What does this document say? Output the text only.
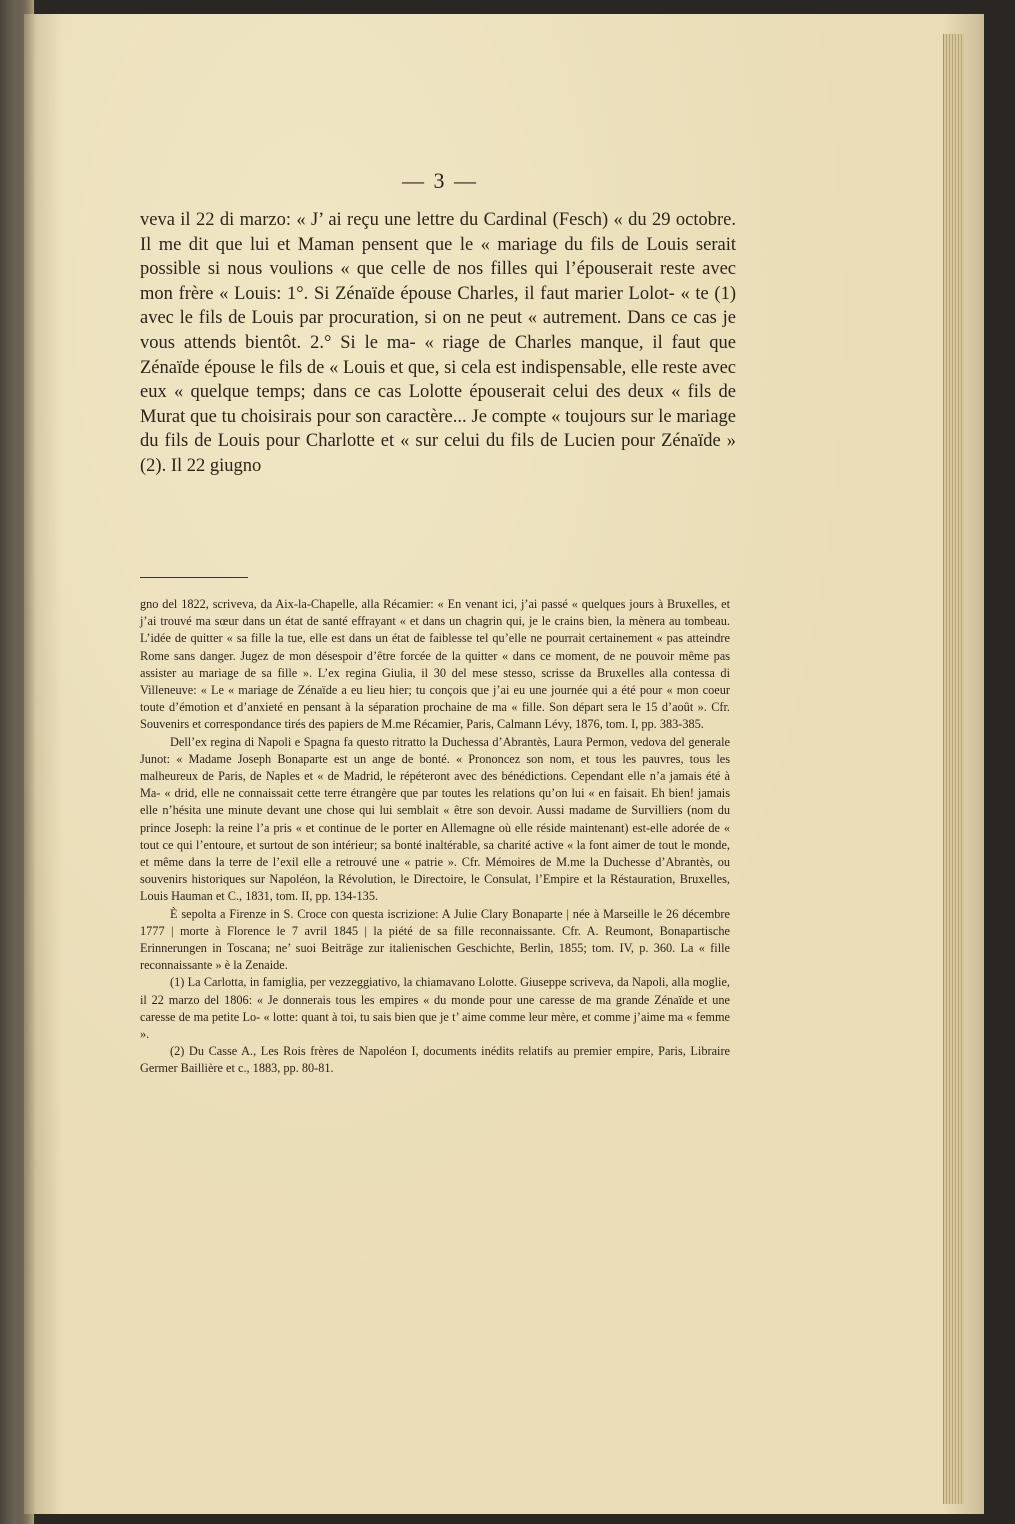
— 3 —

veva il 22 di marzo: « J’ ai reçu une lettre du Cardinal (Fesch) « du 29 octobre. Il me dit que lui et Maman pensent que le « mariage du fils de Louis serait possible si nous voulions « que celle de nos filles qui l’épouserait reste avec mon frère « Louis: 1°. Si Zénaïde épouse Charles, il faut marier Lolot- « te (1) avec le fils de Louis par procuration, si on ne peut « autrement. Dans ce cas je vous attends bientôt. 2.° Si le ma- « riage de Charles manque, il faut que Zénaïde épouse le fils de « Louis et que, si cela est indispensable, elle reste avec eux « quelque temps; dans ce cas Lolotte épouserait celui des deux « fils de Murat que tu choisirais pour son caractère... Je compte « toujours sur le mariage du fils de Louis pour Charlotte et « sur celui du fils de Lucien pour Zénaïde » (2). Il 22 giugno

gno del 1822, scriveva, da Aix-la-Chapelle, alla Récamier: « En venant ici, j’ai passé « quelques jours à Bruxelles, et j’ai trouvé ma sœur dans un état de santé effrayant « et dans un chagrin qui, je le crains bien, la mènera au tombeau. L’idée de quitter « sa fille la tue, elle est dans un état de faiblesse tel qu’elle ne pourrait certainement « pas atteindre Rome sans danger. Jugez de mon désespoir d’être forcée de la quitter « dans ce moment, de ne pouvoir même pas assister au mariage de sa fille ». L’ex regina Giulia, il 30 del mese stesso, scrisse da Bruxelles alla contessa di Villeneuve: « Le « mariage de Zénaïde a eu lieu hier; tu conçois que j’ai eu une journée qui a été pour « mon coeur toute d’émotion et d’anxieté en pensant à la séparation prochaine de ma « fille. Son départ sera le 15 d’août ». Cfr. Souvenirs et correspondance tirés des papiers de M.me Récamier, Paris, Calmann Lévy, 1876, tom. I, pp. 383-385.

Dell’ex regina di Napoli e Spagna fa questo ritratto la Duchessa d’Abrantès, Laura Permon, vedova del generale Junot: « Madame Joseph Bonaparte est un ange de bonté. « Prononcez son nom, et tous les pauvres, tous les malheureux de Paris, de Naples et « de Madrid, le répéteront avec des bénédictions. Cependant elle n’a jamais été à Ma- « drid, elle ne connaissait cette terre étrangère que par toutes les relations qu’on lui « en faisait. Eh bien! jamais elle n’hésita une minute devant une chose qui lui semblait « être son devoir. Aussi madame de Survilliers (nom du prince Joseph: la reine l’a pris « et continue de le porter en Allemagne où elle réside maintenant) est-elle adorée de « tout ce qui l’entoure, et surtout de son intérieur; sa bonté inaltérable, sa charité active « la font aimer de tout le monde, et même dans la terre de l’exil elle a retrouvé une « patrie ». Cfr. Mémoires de M.me la Duchesse d’Abrantès, ou souvenirs historiques sur Napoléon, la Révolution, le Directoire, le Consulat, l’Empire et la Réstauration, Bruxelles, Louis Hauman et C., 1831, tom. II, pp. 134-135.

È sepolta a Firenze in S. Croce con questa iscrizione: A Julie Clary Bonaparte | née à Marseille le 26 décembre 1777 | morte à Florence le 7 avril 1845 | la piété de sa fille reconnaissante. Cfr. A. Reumont, Bonapartische Erinnerungen in Toscana; ne’ suoi Beiträge zur italienischen Geschichte, Berlin, 1855; tom. IV, p. 360. La « fille reconnaissante » è la Zenaide.

(1) La Carlotta, in famiglia, per vezzeggiativo, la chiamavano Lolotte. Giuseppe scriveva, da Napoli, alla moglie, il 22 marzo del 1806: « Je donnerais tous les empires « du monde pour une caresse de ma grande Zénaïde et une caresse de ma petite Lo- « lotte: quant à toi, tu sais bien que je t’ aime comme leur mère, et comme j’aime ma « femme ».

(2) Du Casse A., Les Rois frères de Napoléon I, documents inédits relatifs au premier empire, Paris, Libraire Germer Baillière et c., 1883, pp. 80-81.
